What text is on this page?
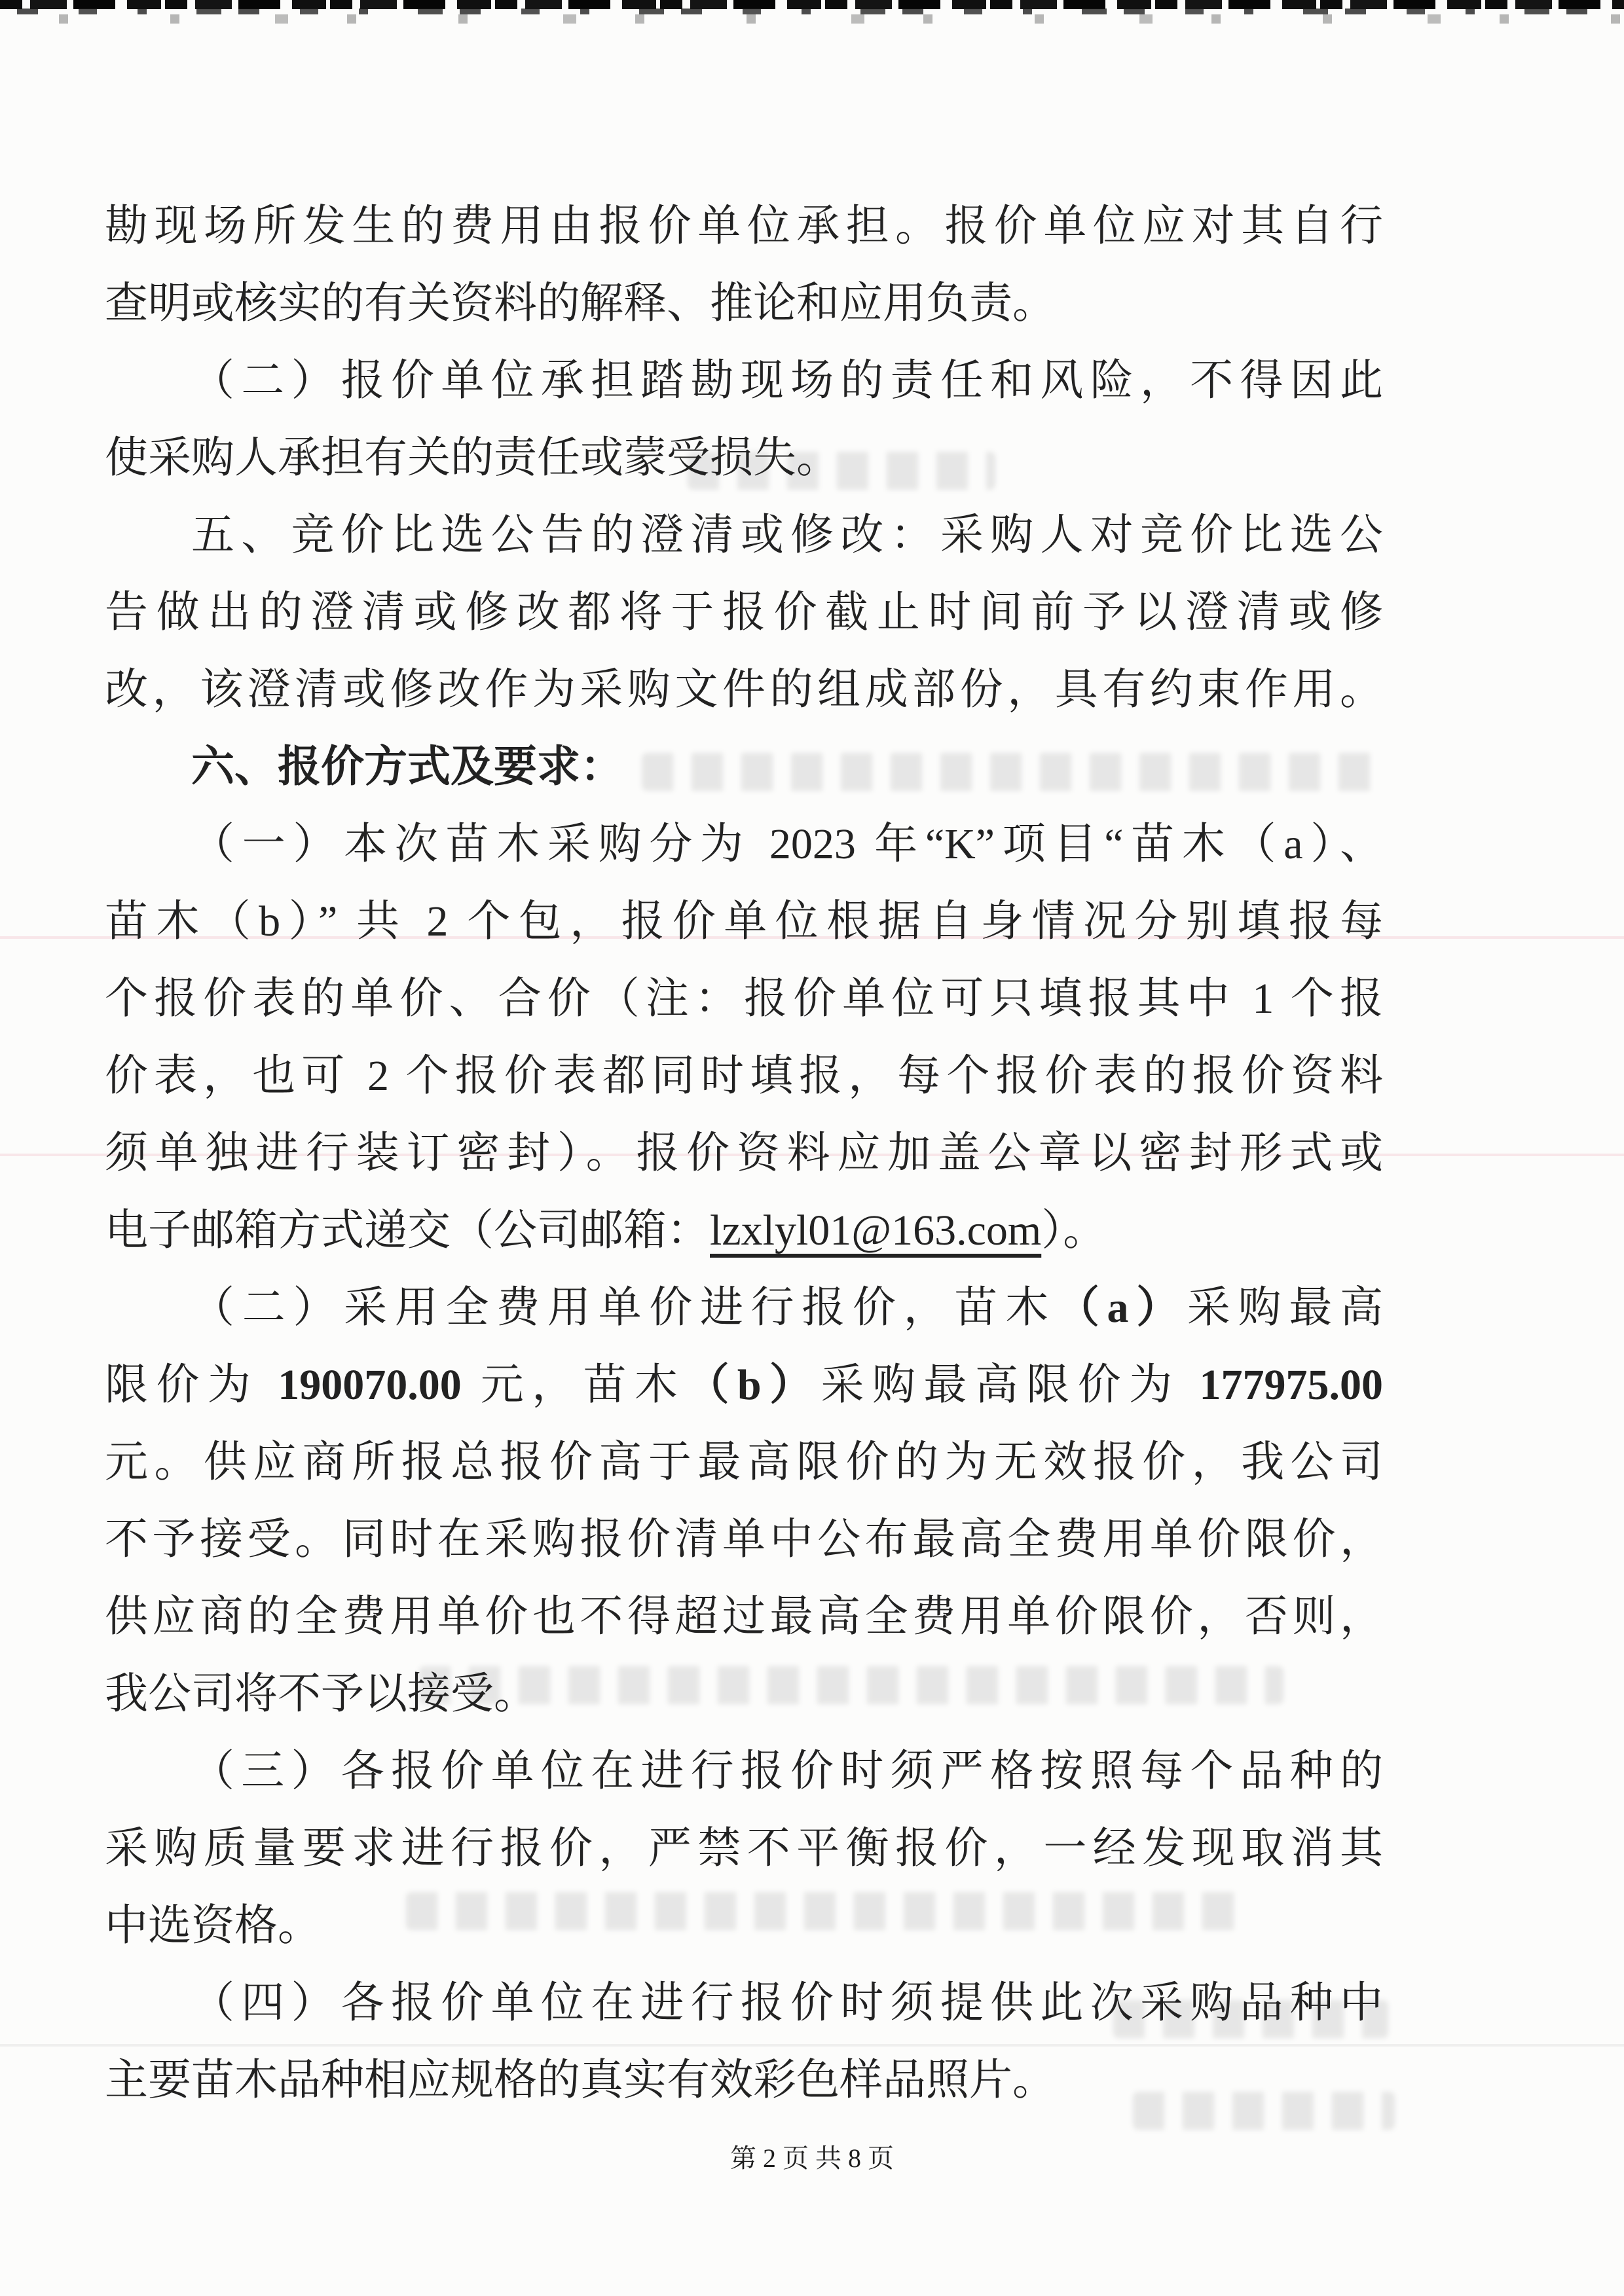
勘现场所发生的费用由报价单位承担。报价单位应对其自行
查明或核实的有关资料的解释、推论和应用负责。
（二）报价单位承担踏勘现场的责任和风险，不得因此
使采购人承担有关的责任或蒙受损失。
五、竞价比选公告的澄清或修改：采购人对竞价比选公
告做出的澄清或修改都将于报价截止时间前予以澄清或修
改，该澄清或修改作为采购文件的组成部份，具有约束作用。
六、报价方式及要求：
（一）本次苗木采购分为 2023 年“K”项目“苗木（a）、
苗木（b）” 共 2 个包，报价单位根据自身情况分别填报每
个报价表的单价、合价（注：报价单位可只填报其中 1 个报
价表，也可 2 个报价表都同时填报，每个报价表的报价资料
须单独进行装订密封）。报价资料应加盖公章以密封形式或
电子邮箱方式递交（公司邮箱：lzxlyl01@163.com）。
（二）采用全费用单价进行报价，苗木（a）采购最高
限价为 190070.00 元，苗木（b）采购最高限价为 177975.00
元。供应商所报总报价高于最高限价的为无效报价，我公司
不予接受。同时在采购报价清单中公布最高全费用单价限价，
供应商的全费用单价也不得超过最高全费用单价限价，否则，
我公司将不予以接受。
（三）各报价单位在进行报价时须严格按照每个品种的
采购质量要求进行报价，严禁不平衡报价，一经发现取消其
中选资格。
（四）各报价单位在进行报价时须提供此次采购品种中
主要苗木品种相应规格的真实有效彩色样品照片。
第 2 页 共 8 页
